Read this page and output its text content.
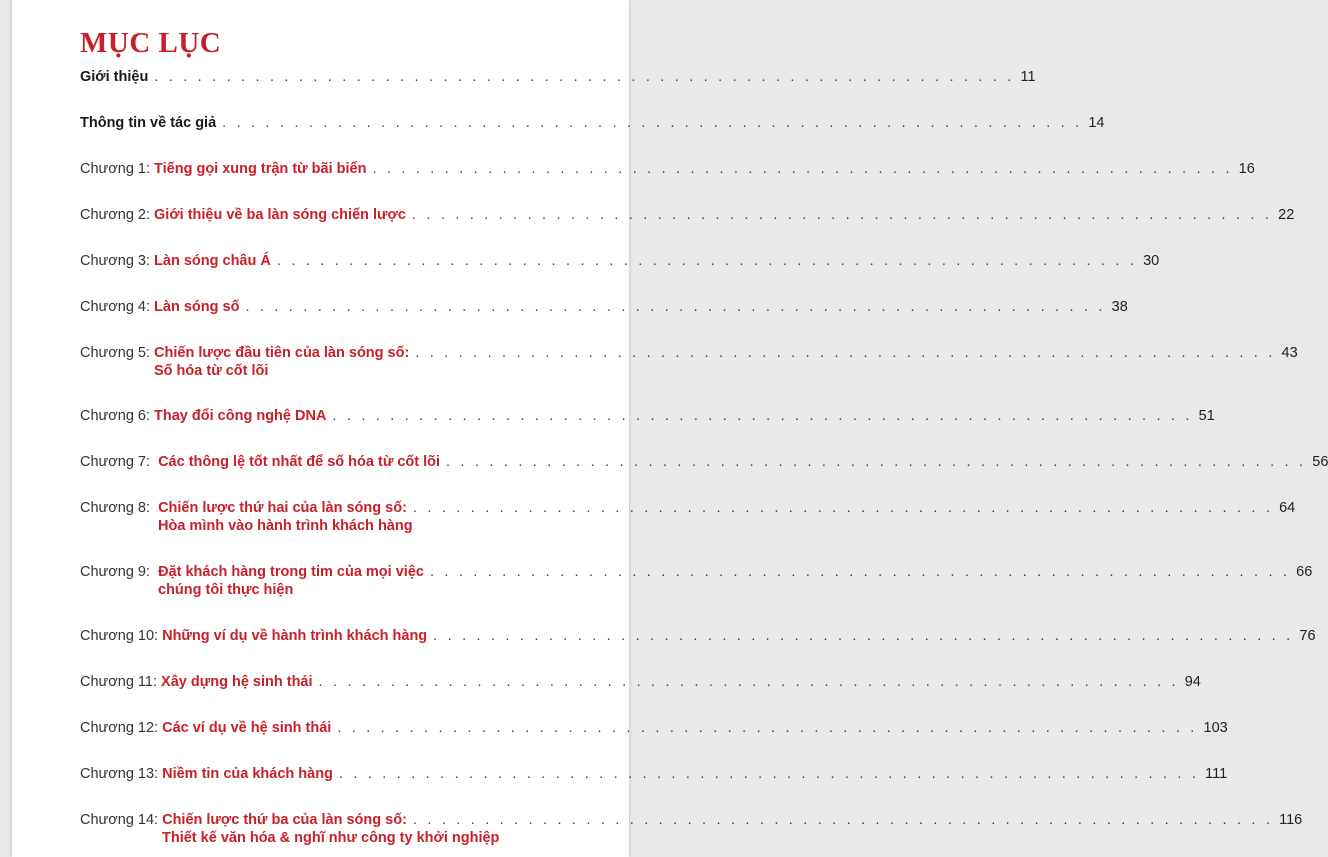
MỤC LỤC
Giới thiệu . . . . . . . . . . . . . . . . . . . . . . . . . . . . . . . . . . . . . . . . . . . . . . . . . . . . . . . . . . . . 11
Thông tin về tác giả . . . . . . . . . . . . . . . . . . . . . . . . . . . . . . . . . . . . . . . . . . . . . . . . . . . . . . . . . . . . 14
Chương 1: Tiếng gọi xung trận từ bãi biển . . . . . . . . . . . . . . . . . . . . . . . . . . . . . . . . . . . . . . . . . . . . . . . . . . . . . . . . . . . . 16
Chương 2: Giới thiệu về ba làn sóng chiến lược . . . . . . . . . . . . . . . . . . . . . . . . . . . . . . . . . . . . . . . . . . . . . . . . . . . . . . . . . . . . 22
Chương 3: Làn sóng châu Á . . . . . . . . . . . . . . . . . . . . . . . . . . . . . . . . . . . . . . . . . . . . . . . . . . . . . . . . . . . . 30
Chương 4: Làn sóng số . . . . . . . . . . . . . . . . . . . . . . . . . . . . . . . . . . . . . . . . . . . . . . . . . . . . . . . . . . . . 38
Chương 5: Chiến lược đầu tiên của làn sóng số: . . . . . . . . . . . . . . . . . . . . . . . . . . . . . . . . . . . . . . . . . . . . . . . . . . . . . . . . . . . . 43
Số hóa từ cốt lõi
Chương 6: Thay đổi công nghệ DNA . . . . . . . . . . . . . . . . . . . . . . . . . . . . . . . . . . . . . . . . . . . . . . . . . . . . . . . . . . . . 51
Chương 7:  Các thông lệ tốt nhất để số hóa từ cốt lõi . . . . . . . . . . . . . . . . . . . . . . . . . . . . . . . . . . . . . . . . . . . . . . . . . . . . . . . . . . . . 56
Chương 8:  Chiến lược thứ hai của làn sóng số: . . . . . . . . . . . . . . . . . . . . . . . . . . . . . . . . . . . . . . . . . . . . . . . . . . . . . . . . . . . . 64
Hòa mình vào hành trình khách hàng
Chương 9:  Đặt khách hàng trong tim của mọi việc . . . . . . . . . . . . . . . . . . . . . . . . . . . . . . . . . . . . . . . . . . . . . . . . . . . . . . . . . . . . 66
chúng tôi thực hiện
Chương 10: Những ví dụ về hành trình khách hàng . . . . . . . . . . . . . . . . . . . . . . . . . . . . . . . . . . . . . . . . . . . . . . . . . . . . . . . . . . . . 76
Chương 11: Xây dựng hệ sinh thái . . . . . . . . . . . . . . . . . . . . . . . . . . . . . . . . . . . . . . . . . . . . . . . . . . . . . . . . . . . . 94
Chương 12: Các ví dụ về hệ sinh thái . . . . . . . . . . . . . . . . . . . . . . . . . . . . . . . . . . . . . . . . . . . . . . . . . . . . . . . . . . . . 103
Chương 13: Niềm tin của khách hàng . . . . . . . . . . . . . . . . . . . . . . . . . . . . . . . . . . . . . . . . . . . . . . . . . . . . . . . . . . . . 111
Chương 14: Chiến lược thứ ba của làn sóng số: . . . . . . . . . . . . . . . . . . . . . . . . . . . . . . . . . . . . . . . . . . . . . . . . . . . . . . . . . . . . 116
Thiết kế văn hóa & nghĩ như công ty khởi nghiệp
